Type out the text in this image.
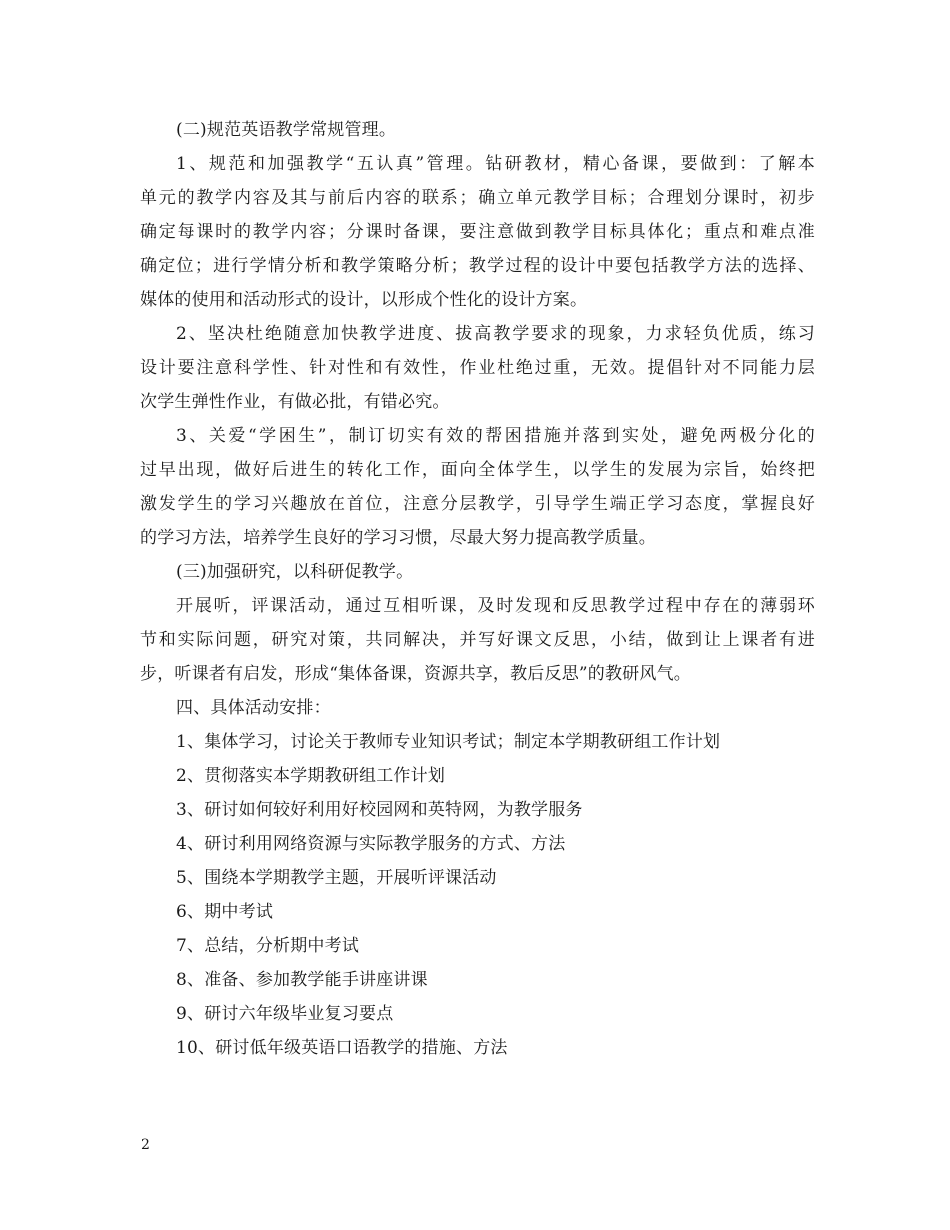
(二)规范英语教学常规管理。
1、规范和加强教学“五认真”管理。钻研教材，精心备课，要做到：了解本
单元的教学内容及其与前后内容的联系；确立单元教学目标；合理划分课时，初步
确定每课时的教学内容；分课时备课，要注意做到教学目标具体化；重点和难点准
确定位；进行学情分析和教学策略分析；教学过程的设计中要包括教学方法的选择、
媒体的使用和活动形式的设计，以形成个性化的设计方案。
2、坚决杜绝随意加快教学进度、拔高教学要求的现象，力求轻负优质，练习
设计要注意科学性、针对性和有效性，作业杜绝过重，无效。提倡针对不同能力层
次学生弹性作业，有做必批，有错必究。
3、关爱“学困生”，制订切实有效的帮困措施并落到实处，避免两极分化的
过早出现，做好后进生的转化工作，面向全体学生，以学生的发展为宗旨，始终把
激发学生的学习兴趣放在首位，注意分层教学，引导学生端正学习态度，掌握良好
的学习方法，培养学生良好的学习习惯，尽最大努力提高教学质量。
(三)加强研究，以科研促教学。
开展听，评课活动，通过互相听课，及时发现和反思教学过程中存在的薄弱环
节和实际问题，研究对策，共同解决，并写好课文反思，小结，做到让上课者有进
步，听课者有启发，形成“集体备课，资源共享，教后反思”的教研风气。
四、具体活动安排：
1、集体学习，讨论关于教师专业知识考试；制定本学期教研组工作计划
2、贯彻落实本学期教研组工作计划
3、研讨如何较好利用好校园网和英特网，为教学服务
4、研讨利用网络资源与实际教学服务的方式、方法
5、围绕本学期教学主题，开展听评课活动
6、期中考试
7、总结，分析期中考试
8、准备、参加教学能手讲座讲课
9、研讨六年级毕业复习要点
10、研讨低年级英语口语教学的措施、方法
2
